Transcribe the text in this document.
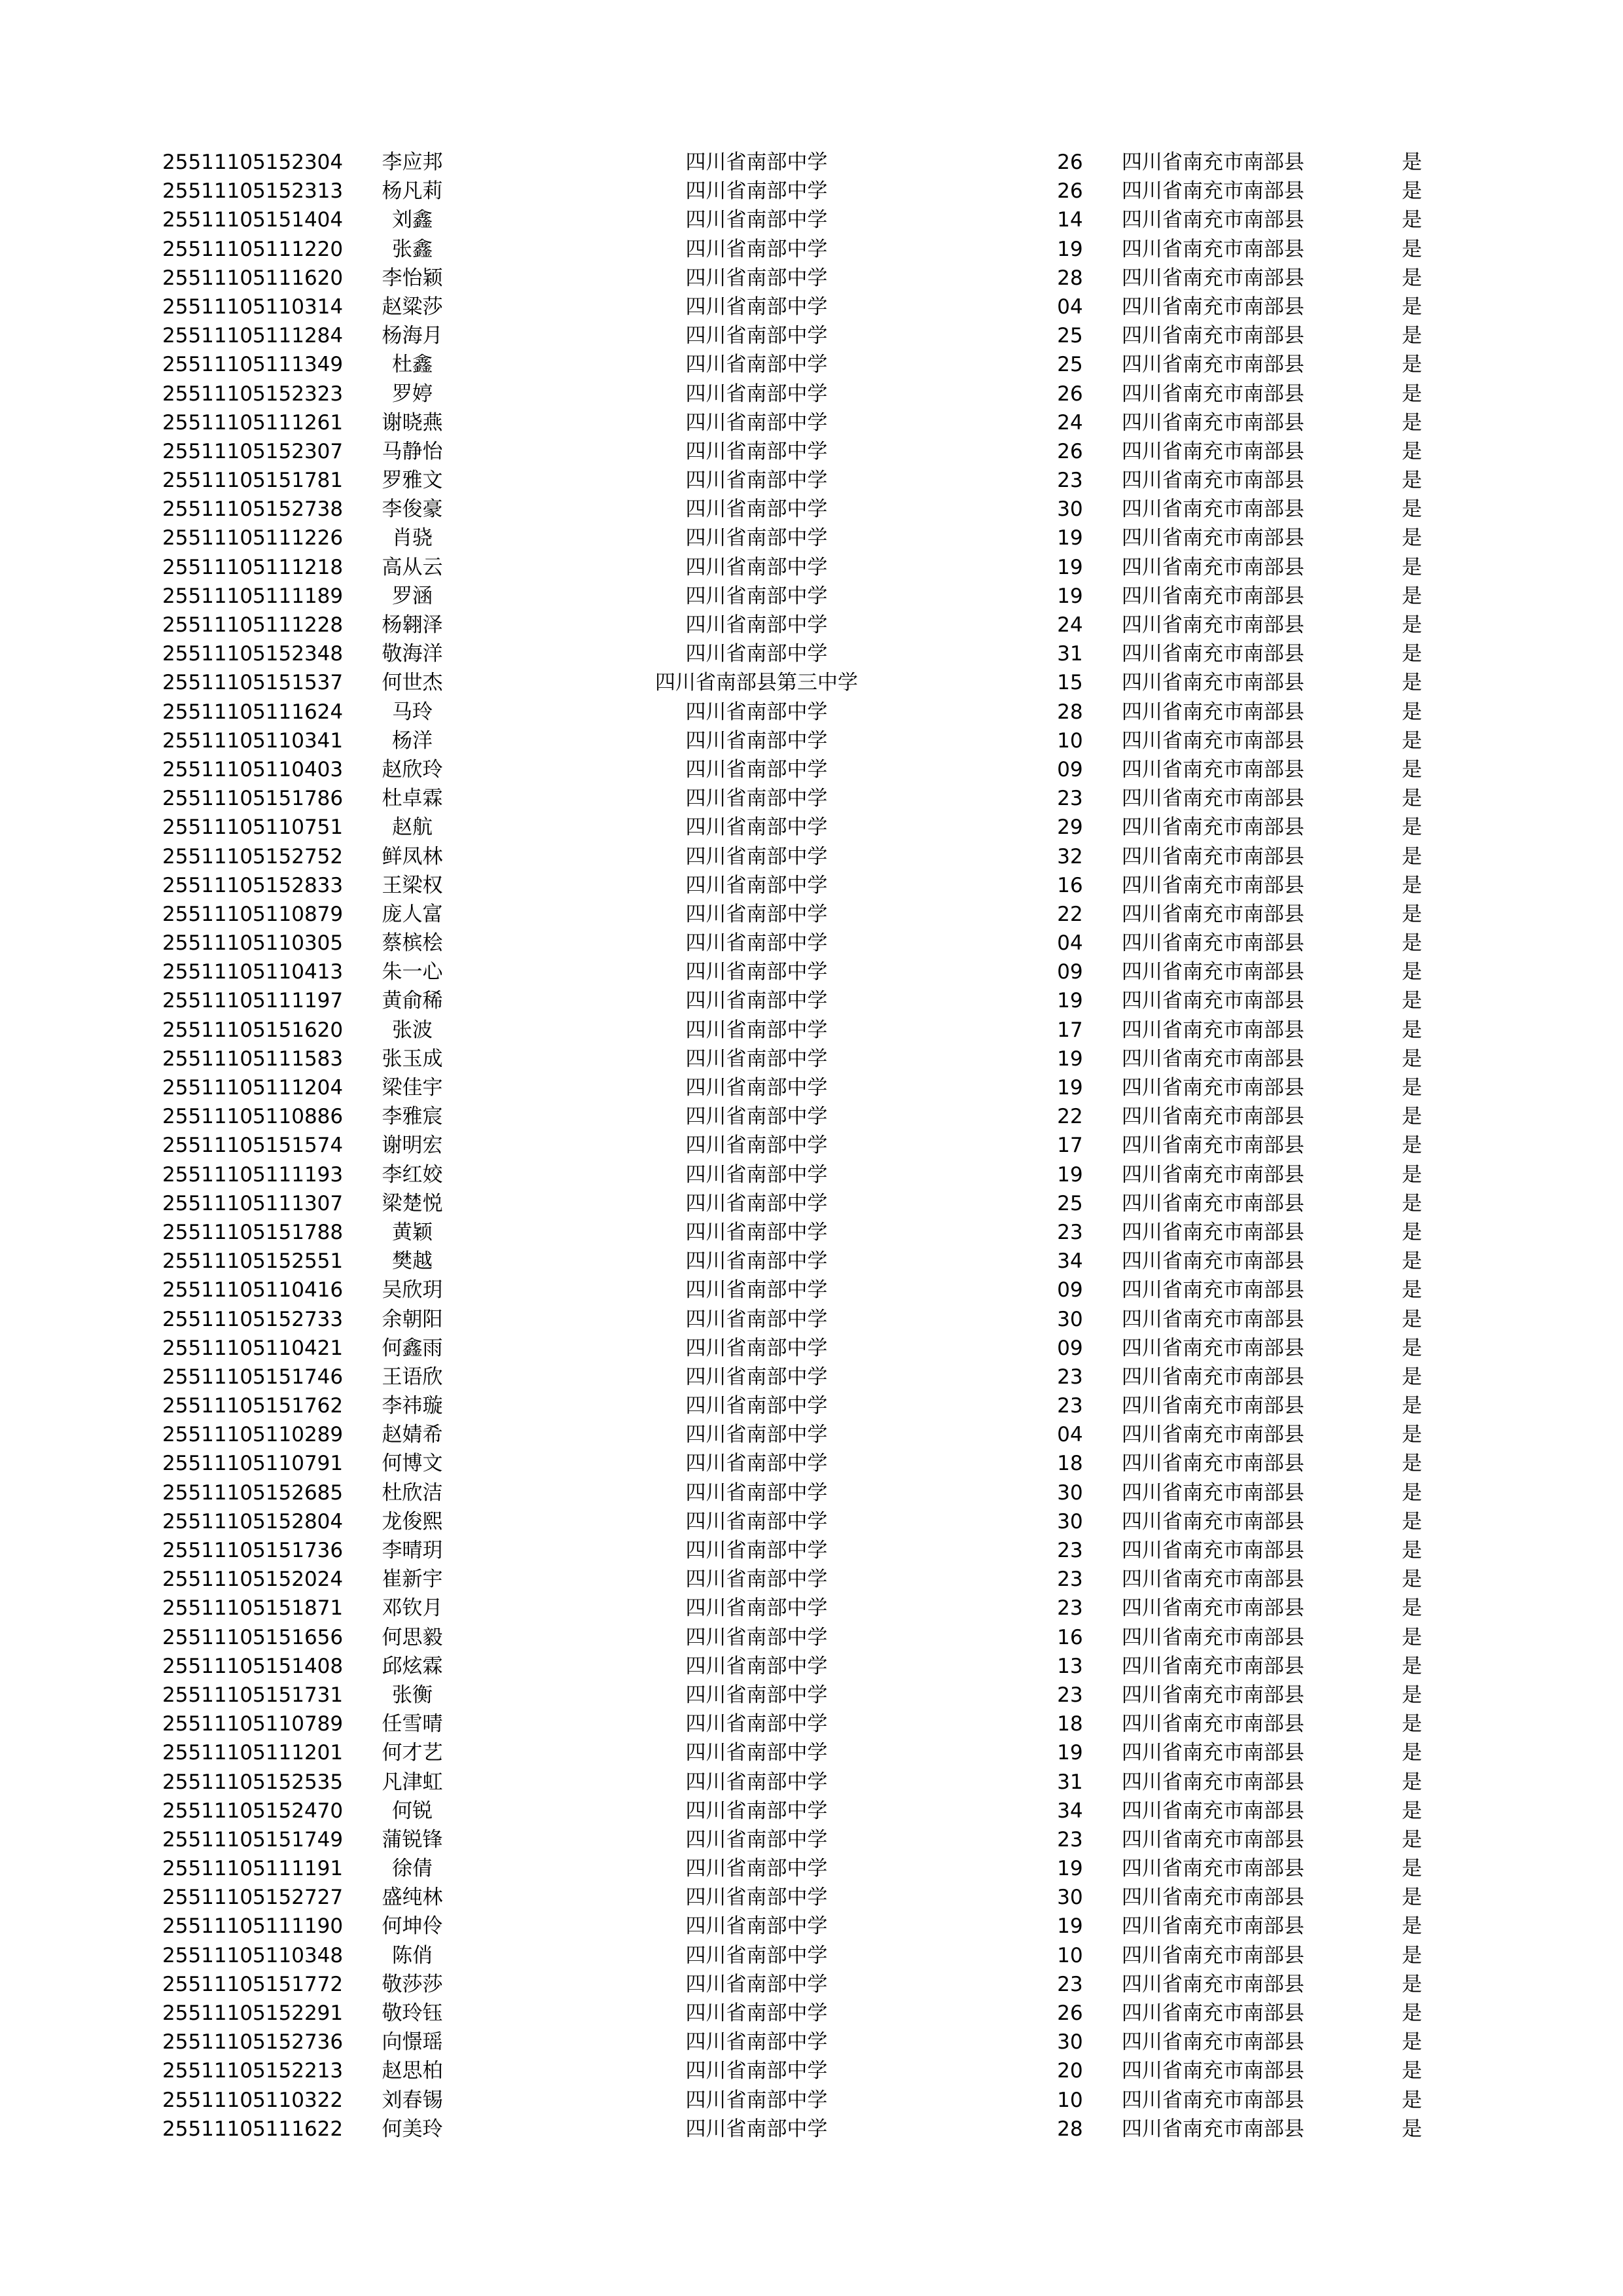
25511105152304	李应邦	四川省南部中学	26	四川省南充市南部县	是
25511105152313	杨凡莉	四川省南部中学	26	四川省南充市南部县	是
25511105151404	刘鑫	四川省南部中学	14	四川省南充市南部县	是
25511105111220	张鑫	四川省南部中学	19	四川省南充市南部县	是
25511105111620	李怡颖	四川省南部中学	28	四川省南充市南部县	是
25511105110314	赵粱莎	四川省南部中学	04	四川省南充市南部县	是
25511105111284	杨海月	四川省南部中学	25	四川省南充市南部县	是
25511105111349	杜鑫	四川省南部中学	25	四川省南充市南部县	是
25511105152323	罗婷	四川省南部中学	26	四川省南充市南部县	是
25511105111261	谢晓燕	四川省南部中学	24	四川省南充市南部县	是
25511105152307	马静怡	四川省南部中学	26	四川省南充市南部县	是
25511105151781	罗雅文	四川省南部中学	23	四川省南充市南部县	是
25511105152738	李俊豪	四川省南部中学	30	四川省南充市南部县	是
25511105111226	肖骁	四川省南部中学	19	四川省南充市南部县	是
25511105111218	高从云	四川省南部中学	19	四川省南充市南部县	是
25511105111189	罗涵	四川省南部中学	19	四川省南充市南部县	是
25511105111228	杨翱泽	四川省南部中学	24	四川省南充市南部县	是
25511105152348	敬海洋	四川省南部中学	31	四川省南充市南部县	是
25511105151537	何世杰	四川省南部县第三中学	15	四川省南充市南部县	是
25511105111624	马玲	四川省南部中学	28	四川省南充市南部县	是
25511105110341	杨洋	四川省南部中学	10	四川省南充市南部县	是
25511105110403	赵欣玲	四川省南部中学	09	四川省南充市南部县	是
25511105151786	杜卓霖	四川省南部中学	23	四川省南充市南部县	是
25511105110751	赵航	四川省南部中学	29	四川省南充市南部县	是
25511105152752	鲜凤林	四川省南部中学	32	四川省南充市南部县	是
25511105152833	王梁权	四川省南部中学	16	四川省南充市南部县	是
25511105110879	庞人富	四川省南部中学	22	四川省南充市南部县	是
25511105110305	蔡槟桧	四川省南部中学	04	四川省南充市南部县	是
25511105110413	朱一心	四川省南部中学	09	四川省南充市南部县	是
25511105111197	黄俞稀	四川省南部中学	19	四川省南充市南部县	是
25511105151620	张波	四川省南部中学	17	四川省南充市南部县	是
25511105111583	张玉成	四川省南部中学	19	四川省南充市南部县	是
25511105111204	梁佳宇	四川省南部中学	19	四川省南充市南部县	是
25511105110886	李雅宸	四川省南部中学	22	四川省南充市南部县	是
25511105151574	谢明宏	四川省南部中学	17	四川省南充市南部县	是
25511105111193	李红姣	四川省南部中学	19	四川省南充市南部县	是
25511105111307	梁楚悦	四川省南部中学	25	四川省南充市南部县	是
25511105151788	黄颖	四川省南部中学	23	四川省南充市南部县	是
25511105152551	樊越	四川省南部中学	34	四川省南充市南部县	是
25511105110416	吴欣玥	四川省南部中学	09	四川省南充市南部县	是
25511105152733	余朝阳	四川省南部中学	30	四川省南充市南部县	是
25511105110421	何鑫雨	四川省南部中学	09	四川省南充市南部县	是
25511105151746	王语欣	四川省南部中学	23	四川省南充市南部县	是
25511105151762	李祎璇	四川省南部中学	23	四川省南充市南部县	是
25511105110289	赵婧希	四川省南部中学	04	四川省南充市南部县	是
25511105110791	何博文	四川省南部中学	18	四川省南充市南部县	是
25511105152685	杜欣洁	四川省南部中学	30	四川省南充市南部县	是
25511105152804	龙俊熙	四川省南部中学	30	四川省南充市南部县	是
25511105151736	李晴玥	四川省南部中学	23	四川省南充市南部县	是
25511105152024	崔新宇	四川省南部中学	23	四川省南充市南部县	是
25511105151871	邓钦月	四川省南部中学	23	四川省南充市南部县	是
25511105151656	何思毅	四川省南部中学	16	四川省南充市南部县	是
25511105151408	邱炫霖	四川省南部中学	13	四川省南充市南部县	是
25511105151731	张衡	四川省南部中学	23	四川省南充市南部县	是
25511105110789	任雪晴	四川省南部中学	18	四川省南充市南部县	是
25511105111201	何才艺	四川省南部中学	19	四川省南充市南部县	是
25511105152535	凡津虹	四川省南部中学	31	四川省南充市南部县	是
25511105152470	何锐	四川省南部中学	34	四川省南充市南部县	是
25511105151749	蒲锐锋	四川省南部中学	23	四川省南充市南部县	是
25511105111191	徐倩	四川省南部中学	19	四川省南充市南部县	是
25511105152727	盛纯林	四川省南部中学	30	四川省南充市南部县	是
25511105111190	何坤伶	四川省南部中学	19	四川省南充市南部县	是
25511105110348	陈俏	四川省南部中学	10	四川省南充市南部县	是
25511105151772	敬莎莎	四川省南部中学	23	四川省南充市南部县	是
25511105152291	敬玲钰	四川省南部中学	26	四川省南充市南部县	是
25511105152736	向憬瑶	四川省南部中学	30	四川省南充市南部县	是
25511105152213	赵思柏	四川省南部中学	20	四川省南充市南部县	是
25511105110322	刘春锡	四川省南部中学	10	四川省南充市南部县	是
25511105111622	何美玲	四川省南部中学	28	四川省南充市南部县	是
